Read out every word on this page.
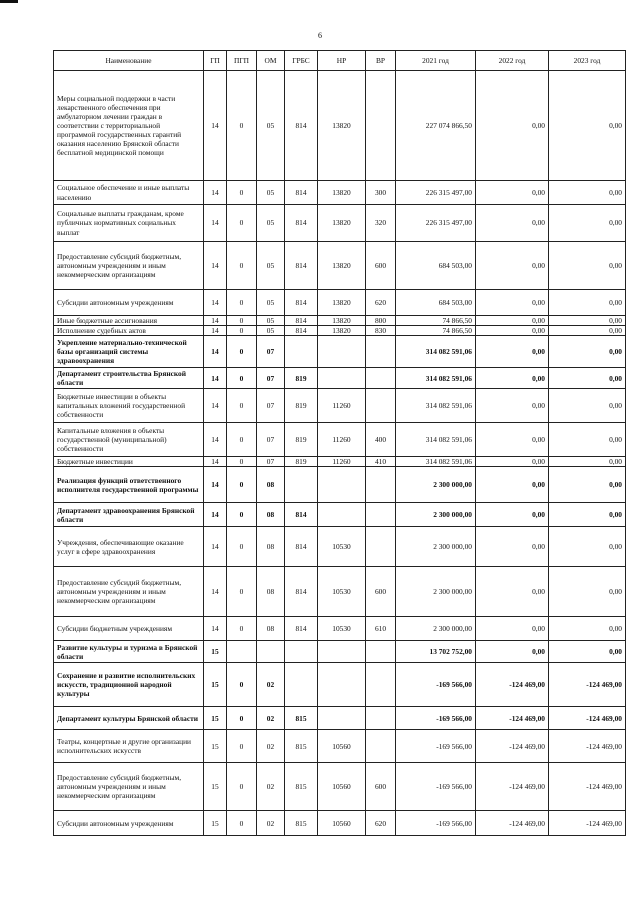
6
Наименование	ГП	ПГП	ОМ	ГРБС	НР	ВР	2021 год	2022 год	2023 год
Меры социальной поддержки в части лекарственного обеспечения при амбулаторном лечении граждан в соответствии с территориальной программой государственных гарантий оказания населению Брянской области бесплатной медицинской помощи	14	0	05	814	13820		227 074 866,50	0,00	0,00
Социальное обеспечение и иные выплаты населению	14	0	05	814	13820	300	226 315 497,00	0,00	0,00
Социальные выплаты гражданам, кроме публичных нормативных социальных выплат	14	0	05	814	13820	320	226 315 497,00	0,00	0,00
Предоставление субсидий бюджетным, автономным учреждениям и иным некоммерческим организациям	14	0	05	814	13820	600	684 503,00	0,00	0,00
Субсидии автономным учреждениям	14	0	05	814	13820	620	684 503,00	0,00	0,00
Иные бюджетные ассигнования	14	0	05	814	13820	800	74 866,50	0,00	0,00
Исполнение судебных актов	14	0	05	814	13820	830	74 866,50	0,00	0,00
Укрепление материально-технической базы организаций системы здравоохранения	14	0	07				314 082 591,06	0,00	0,00
Департамент строительства Брянской области	14	0	07	819			314 082 591,06	0,00	0,00
Бюджетные инвестиции в объекты капитальных вложений государственной собственности	14	0	07	819	11260		314 082 591,06	0,00	0,00
Капитальные вложения в объекты государственной (муниципальной) собственности	14	0	07	819	11260	400	314 082 591,06	0,00	0,00
Бюджетные инвестиции	14	0	07	819	11260	410	314 082 591,06	0,00	0,00
Реализация функций ответственного исполнителя государственной программы	14	0	08				2 300 000,00	0,00	0,00
Департамент здравоохранения Брянской области	14	0	08	814			2 300 000,00	0,00	0,00
Учреждения, обеспечивающие оказание услуг в сфере здравоохранения	14	0	08	814	10530		2 300 000,00	0,00	0,00
Предоставление субсидий бюджетным, автономным учреждениям и иным некоммерческим организациям	14	0	08	814	10530	600	2 300 000,00	0,00	0,00
Субсидии бюджетным учреждениям	14	0	08	814	10530	610	2 300 000,00	0,00	0,00
Развитие культуры и туризма в Брянской области	15						13 702 752,00	0,00	0,00
Сохранение и развитие исполнительских искусств, традиционной народной культуры	15	0	02				-169 566,00	-124 469,00	-124 469,00
Департамент культуры Брянской области	15	0	02	815			-169 566,00	-124 469,00	-124 469,00
Театры, концертные и другие организации исполнительских искусств	15	0	02	815	10560		-169 566,00	-124 469,00	-124 469,00
Предоставление субсидий бюджетным, автономным учреждениям и иным некоммерческим организациям	15	0	02	815	10560	600	-169 566,00	-124 469,00	-124 469,00
Субсидии автономным учреждениям	15	0	02	815	10560	620	-169 566,00	-124 469,00	-124 469,00
